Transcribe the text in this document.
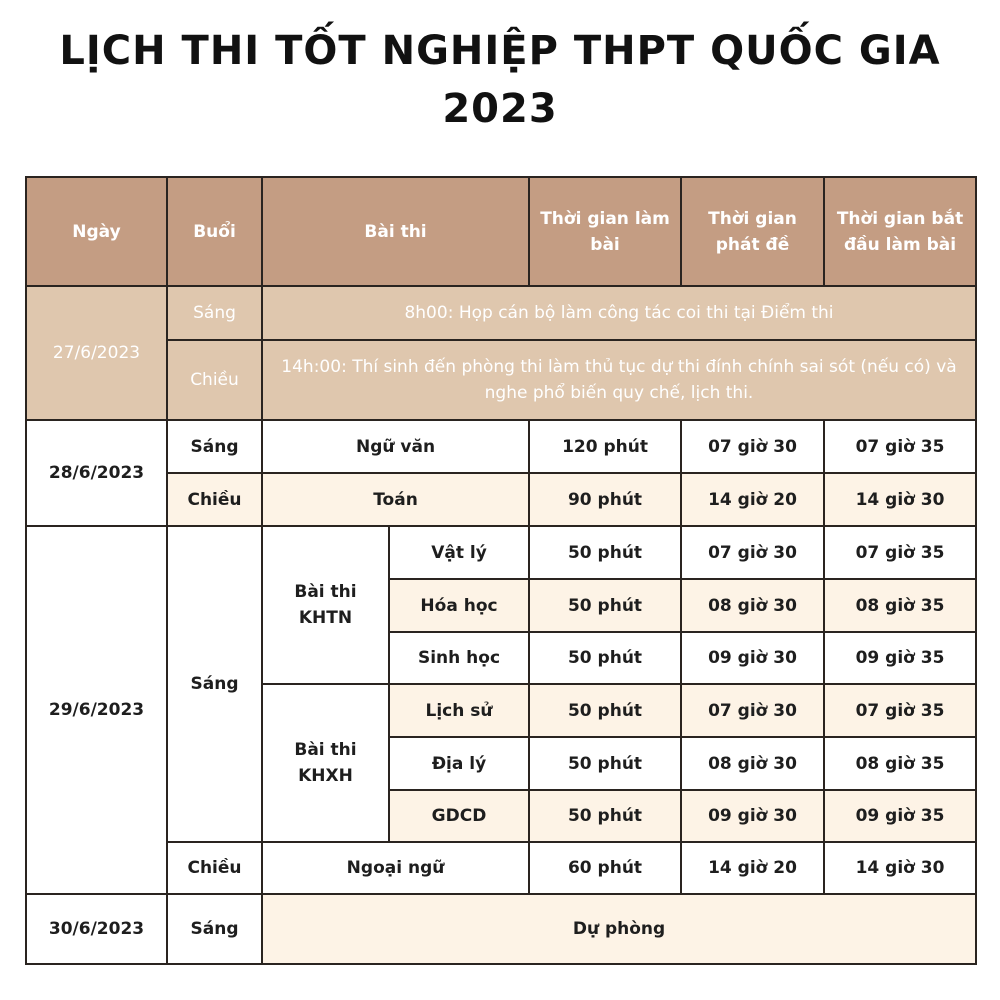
LỊCH THI TỐT NGHIỆP THPT QUỐC GIA 2023
Ngày	Buổi	Bài thi		Thời gian làm bài	Thời gian phát đề	Thời gian bắt đầu làm bài
27/6/2023	Sáng	8h00: Họp cán bộ làm công tác coi thi tại Điểm thi				
	Chiều	14h:00: Thí sinh đến phòng thi làm thủ tục dự thi đính chính sai sót (nếu có) và nghe phổ biến quy chế, lịch thi.				
28/6/2023	Sáng	Ngữ văn		120 phút	07 giờ 30	07 giờ 35
	Chiều	Toán		90 phút	14 giờ 20	14 giờ 30
29/6/2023	Sáng	Bài thi KHTN	Vật lý	50 phút	07 giờ 30	07 giờ 35
			Hóa học	50 phút	08 giờ 30	08 giờ 35
			Sinh học	50 phút	09 giờ 30	09 giờ 35
		Bài thi KHXH	Lịch sử	50 phút	07 giờ 30	07 giờ 35
			Địa lý	50 phút	08 giờ 30	08 giờ 35
			GDCD	50 phút	09 giờ 30	09 giờ 35
	Chiều	Ngoại ngữ		60 phút	14 giờ 20	14 giờ 30
30/6/2023	Sáng	Dự phòng				
